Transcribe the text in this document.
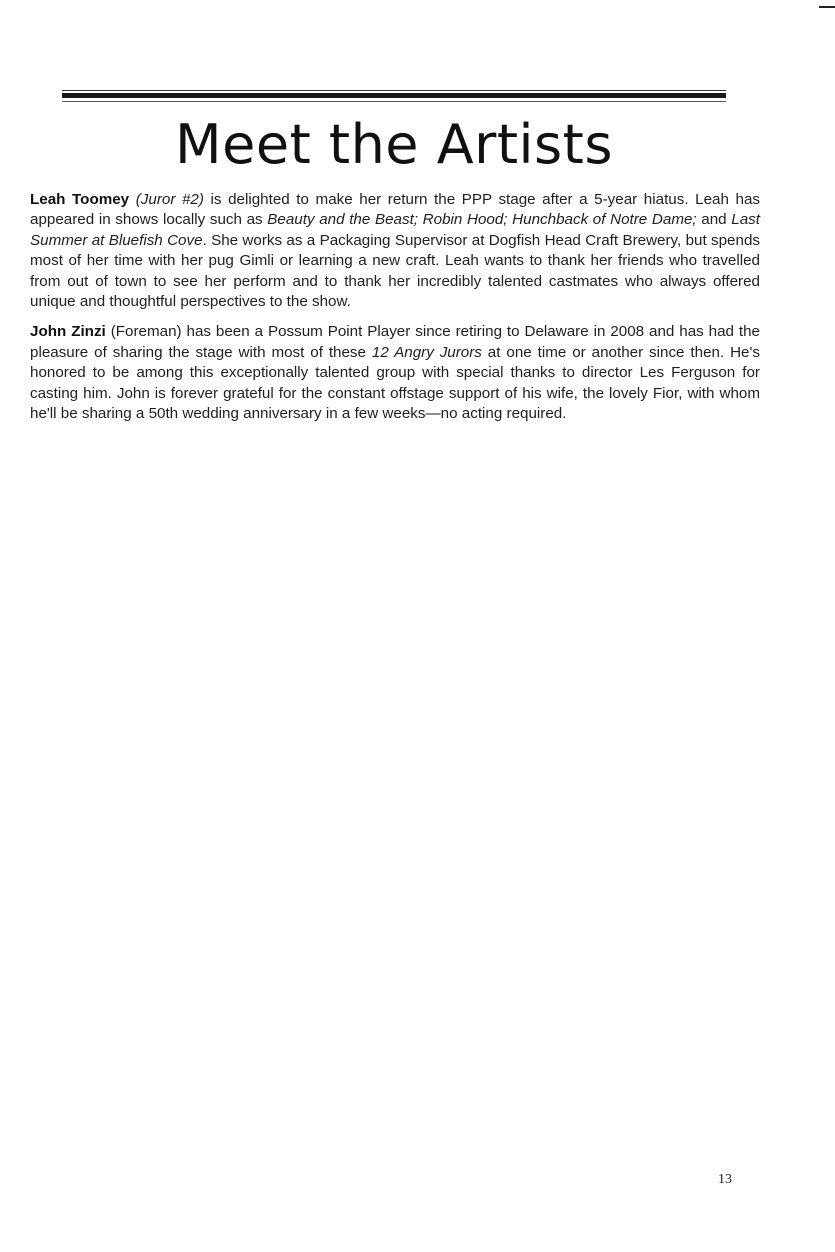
Meet the Artists

Leah Toomey (Juror #2) is delighted to make her return the PPP stage after a 5-year hiatus. Leah has appeared in shows locally such as Beauty and the Beast; Robin Hood; Hunchback of Notre Dame; and Last Summer at Bluefish Cove. She works as a Packaging Supervisor at Dogfish Head Craft Brewery, but spends most of her time with her pug Gimli or learning a new craft. Leah wants to thank her friends who travelled from out of town to see her perform and to thank her incredibly talented castmates who always offered unique and thoughtful perspectives to the show.

John Zinzi (Foreman) has been a Possum Point Player since retiring to Delaware in 2008 and has had the pleasure of sharing the stage with most of these 12 Angry Jurors at one time or another since then. He's honored to be among this exceptionally talented group with special thanks to director Les Ferguson for casting him. John is forever grateful for the constant offstage support of his wife, the lovely Fior, with whom he'll be sharing a 50th wedding anniversary in a few weeks—no acting required.

13
